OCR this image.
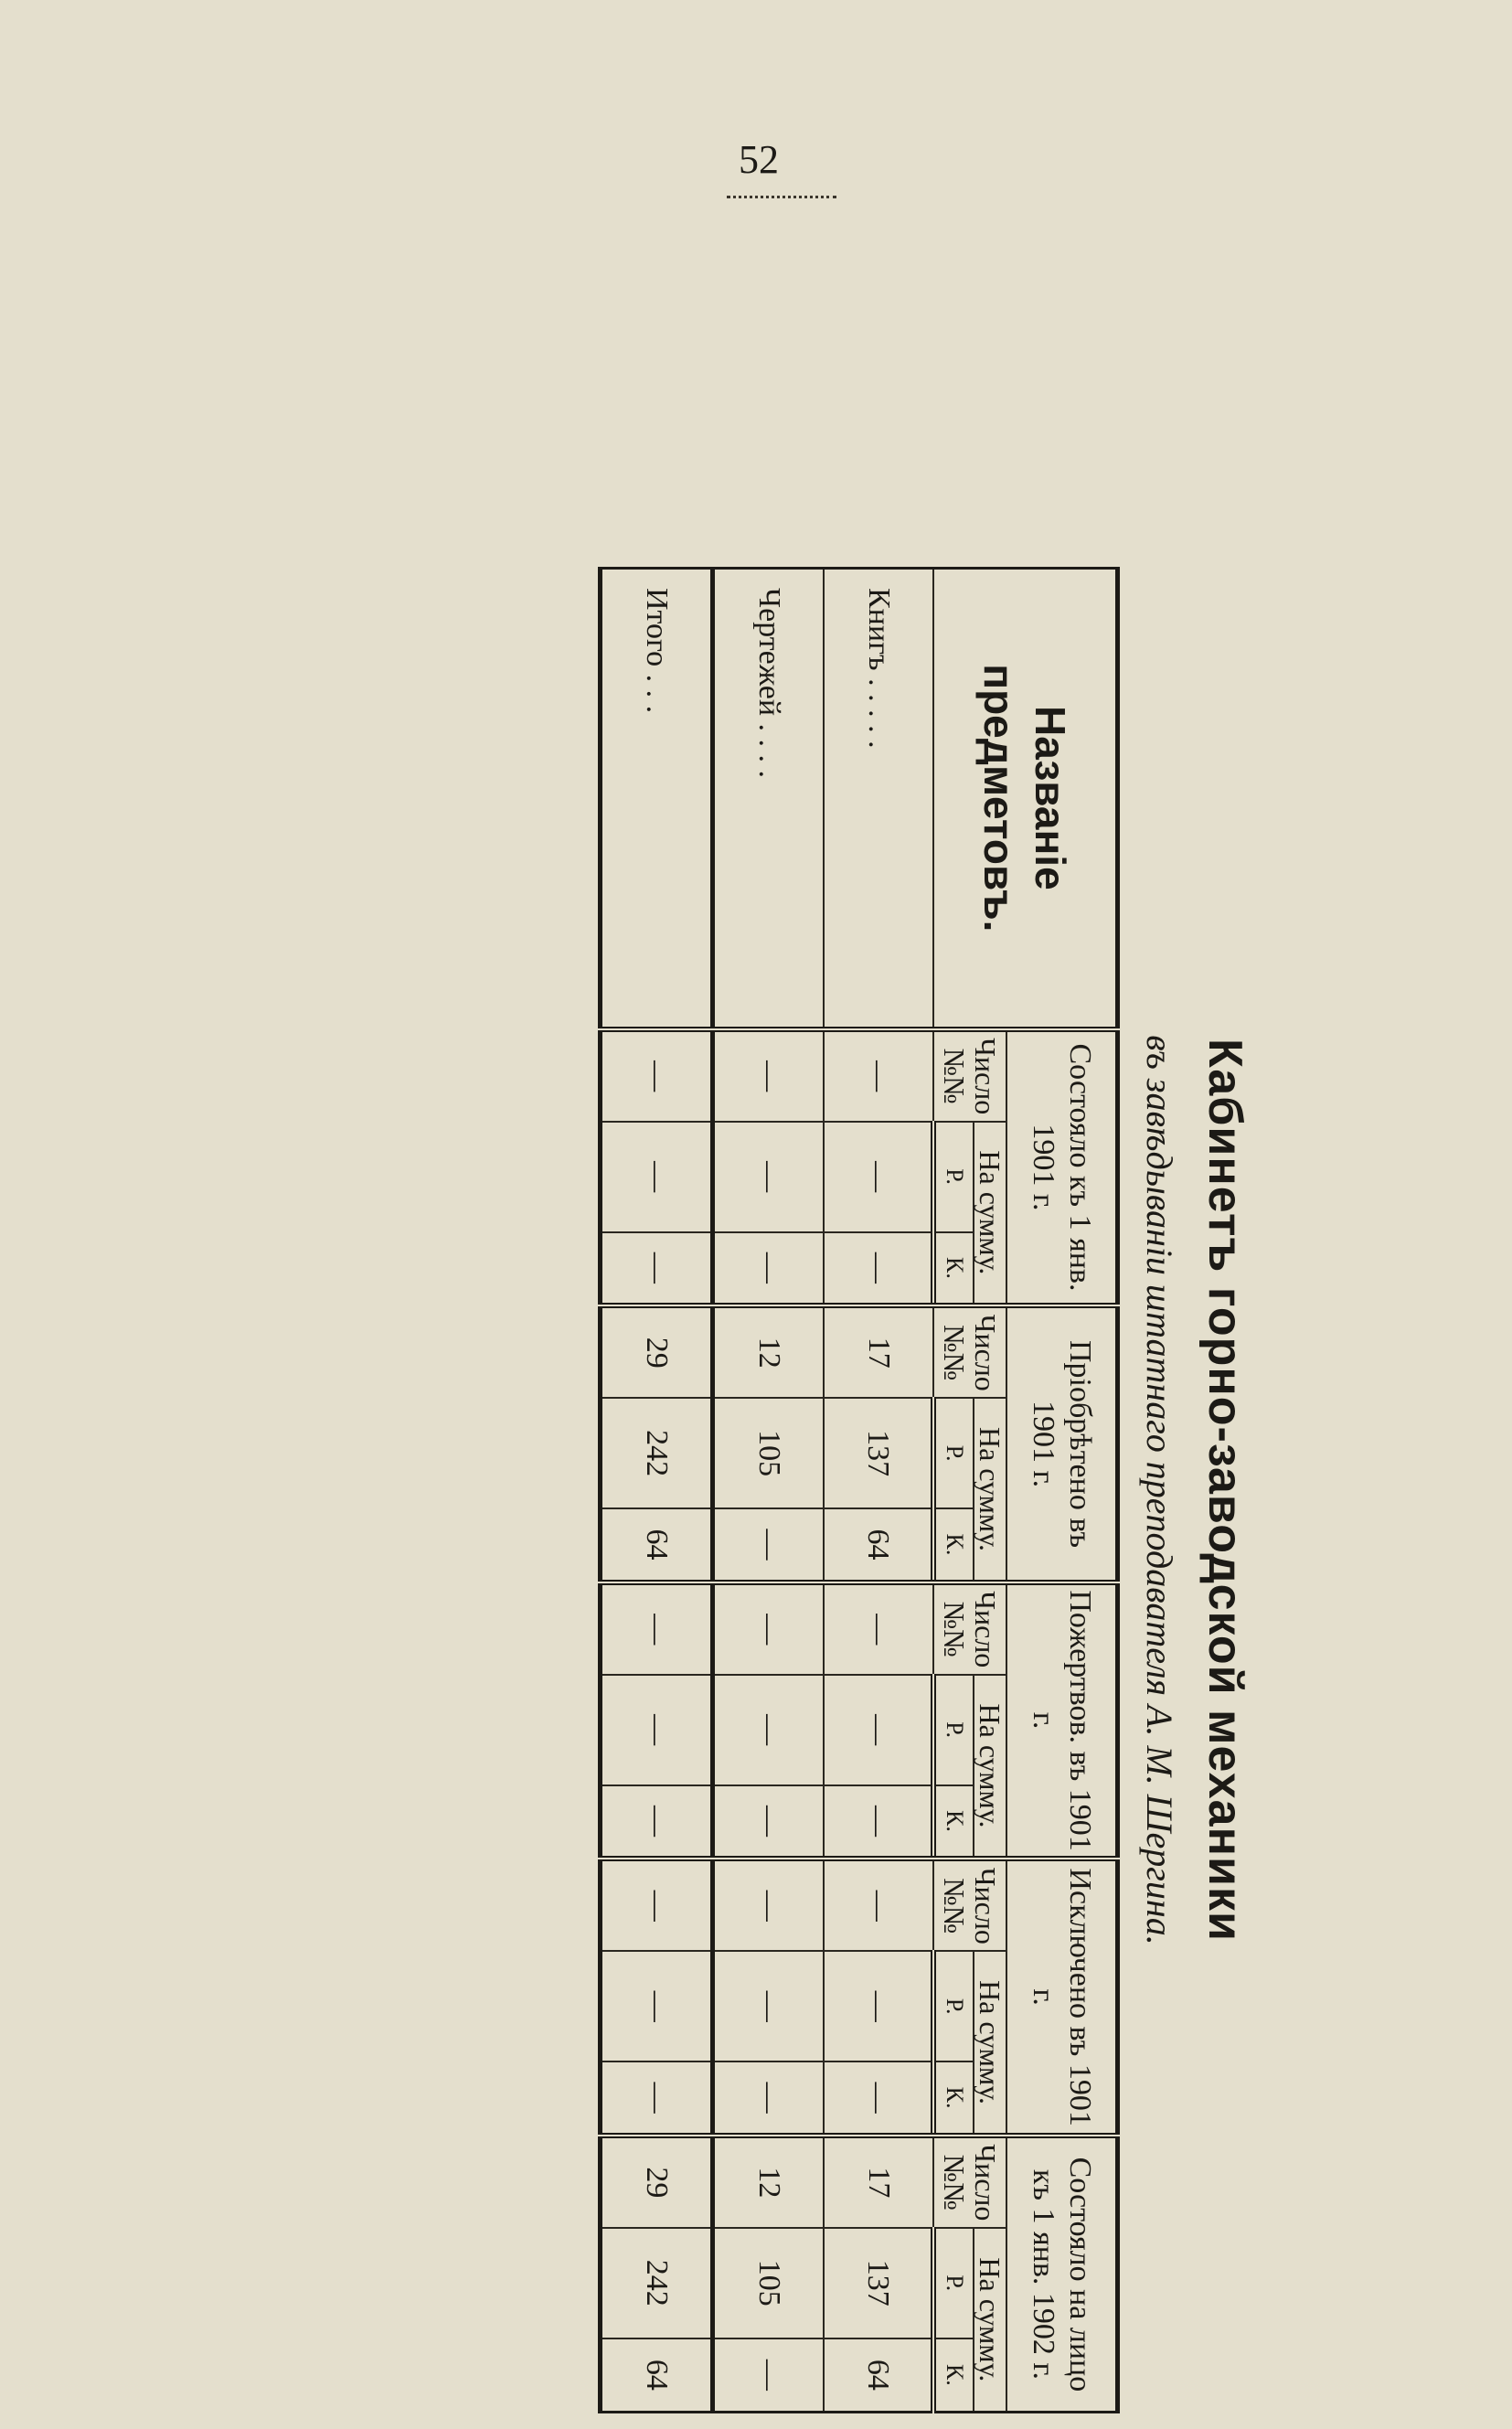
52
Кабинетъ горно-заводской механики
въ завѣдываніи штатнаго преподавателя А. М. Шергина.
Названіе предметовъ.	Состояло къ 1 янв. 1901 г.			Пріобрѣтено въ 1901 г.			Пожертвов. въ 1901 г.			Исключено въ 1901 г.			Состояло на лицо къ 1 янв. 1902 г.		
	Число №№	На сумму.		Число №№	На сумму.		Число №№	На сумму.		Число №№	На сумму.		Число №№	На сумму.	
		Р.	К.		Р.	К.		Р.	К.		Р.	К.		Р.	К.
Книгъ . . . . .	—	—	—	17	137	64	—	—	—	—	—	—	17	137	64
Чертежей . . . .	—	—	—	12	105	—	—	—	—	—	—	—	12	105	—
Итого . . .	—	—	—	29	242	64	—	—	—	—	—	—	29	242	64
